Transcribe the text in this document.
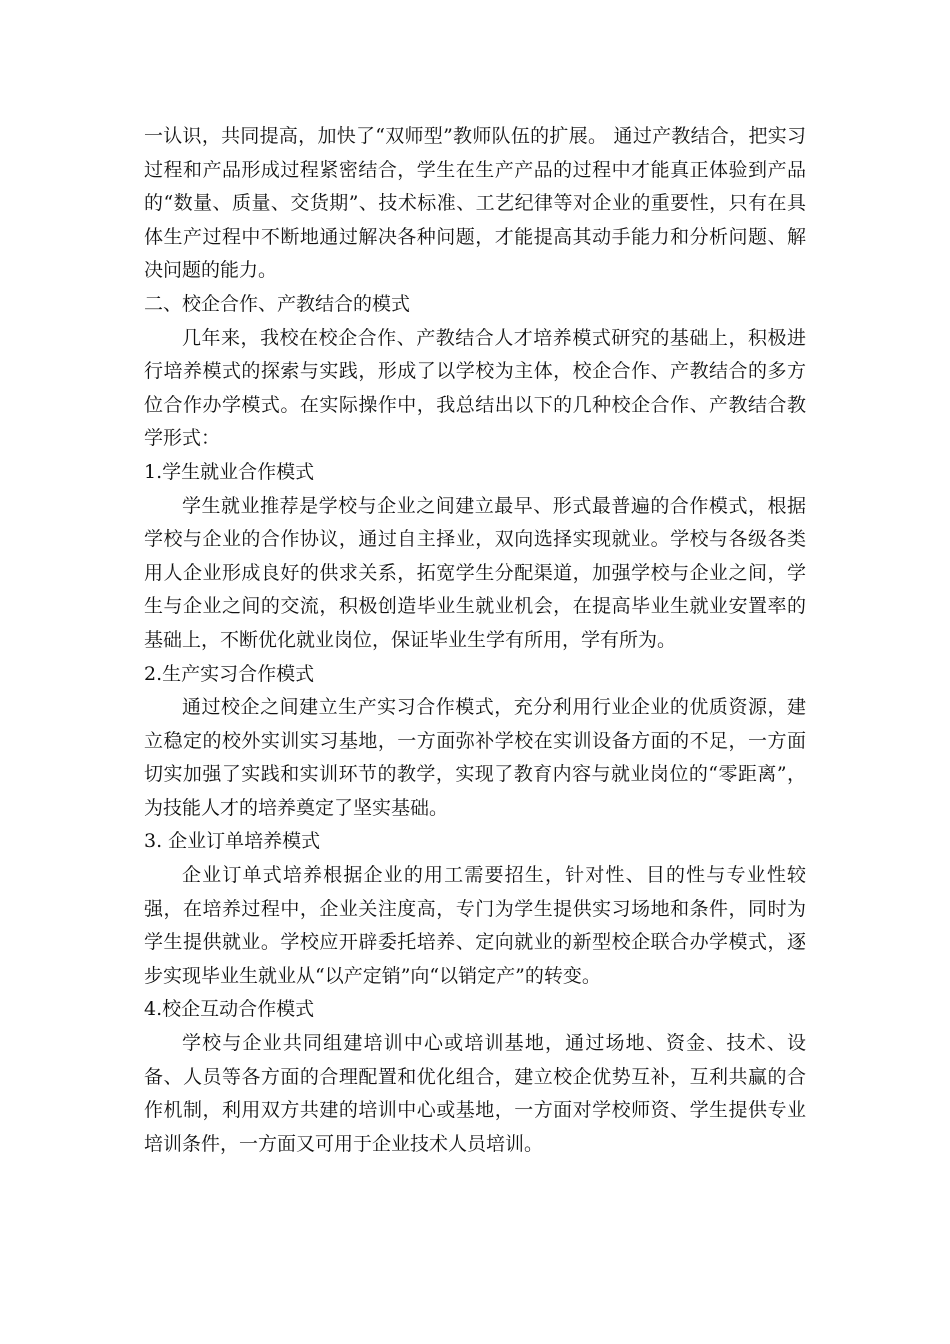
一认识，共同提高，加快了“双师型”教师队伍的扩展。 通过产教结合，把实习过程和产品形成过程紧密结合，学生在生产产品的过程中才能真正体验到产品的“数量、质量、交货期”、技术标准、工艺纪律等对企业的重要性，只有在具体生产过程中不断地通过解决各种问题，才能提高其动手能力和分析问题、解决问题的能力。

二、校企合作、产教结合的模式

几年来，我校在校企合作、产教结合人才培养模式研究的基础上，积极进行培养模式的探索与实践，形成了以学校为主体，校企合作、产教结合的多方位合作办学模式。在实际操作中，我总结出以下的几种校企合作、产教结合教学形式：

1.学生就业合作模式

学生就业推荐是学校与企业之间建立最早、形式最普遍的合作模式，根据学校与企业的合作协议，通过自主择业，双向选择实现就业。学校与各级各类用人企业形成良好的供求关系，拓宽学生分配渠道，加强学校与企业之间，学生与企业之间的交流，积极创造毕业生就业机会，在提高毕业生就业安置率的基础上，不断优化就业岗位，保证毕业生学有所用，学有所为。

2.生产实习合作模式

通过校企之间建立生产实习合作模式，充分利用行业企业的优质资源，建立稳定的校外实训实习基地，一方面弥补学校在实训设备方面的不足，一方面切实加强了实践和实训环节的教学，实现了教育内容与就业岗位的“零距离”，为技能人才的培养奠定了坚实基础。

3. 企业订单培养模式

企业订单式培养根据企业的用工需要招生，针对性、目的性与专业性较强，在培养过程中，企业关注度高，专门为学生提供实习场地和条件，同时为学生提供就业。学校应开辟委托培养、定向就业的新型校企联合办学模式，逐步实现毕业生就业从“以产定销”向“以销定产”的转变。

4.校企互动合作模式

学校与企业共同组建培训中心或培训基地，通过场地、资金、技术、设备、人员等各方面的合理配置和优化组合，建立校企优势互补，互利共赢的合作机制，利用双方共建的培训中心或基地，一方面对学校师资、学生提供专业培训条件，一方面又可用于企业技术人员培训。
